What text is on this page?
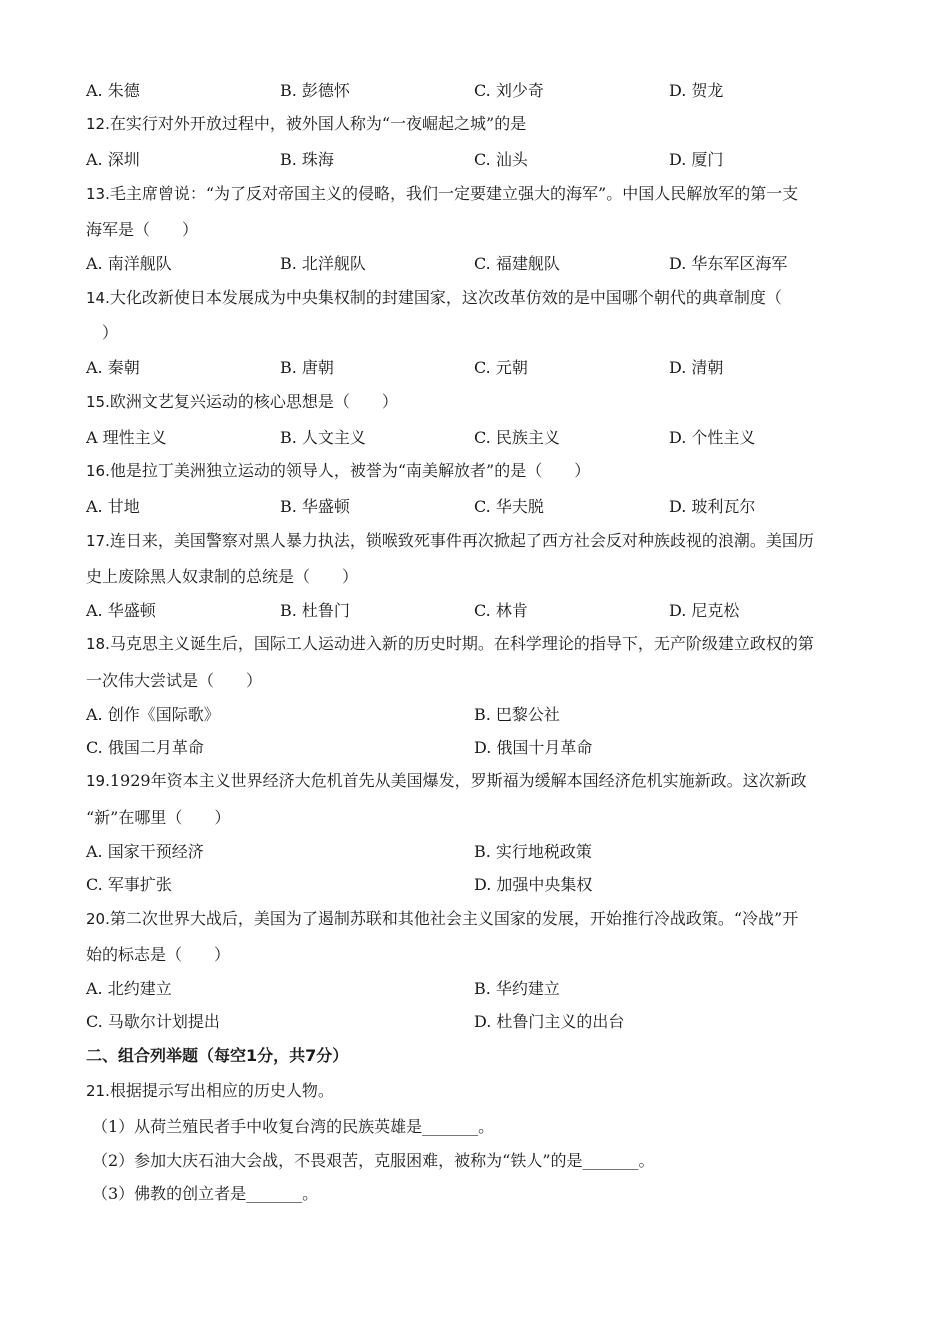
A. 朱德	B. 彭德怀	C. 刘少奇	D. 贺龙
12.在实行对外开放过程中，被外国人称为“一夜崛起之城”的是
A. 深圳	B. 珠海	C. 汕头	D. 厦门
13.毛主席曾说：“为了反对帝国主义的侵略，我们一定要建立强大的海军”。中国人民解放军的第一支
海军是（　　）
A. 南洋舰队	B. 北洋舰队	C. 福建舰队	D. 华东军区海军
14.大化改新使日本发展成为中央集权制的封建国家，这次改革仿效的是中国哪个朝代的典章制度（
　）
A. 秦朝	B. 唐朝	C. 元朝	D. 清朝
15.欧洲文艺复兴运动的核心思想是（　　）
A 理性主义	B. 人文主义	C. 民族主义	D. 个性主义
16.他是拉丁美洲独立运动的领导人，被誉为“南美解放者”的是（　　）
A. 甘地	B. 华盛顿	C. 华夫脱	D. 玻利瓦尔
17.连日来，美国警察对黑人暴力执法，锁喉致死事件再次掀起了西方社会反对种族歧视的浪潮。美国历
史上废除黑人奴隶制的总统是（　　）
A. 华盛顿	B. 杜鲁门	C. 林肯	D. 尼克松
18.马克思主义诞生后，国际工人运动进入新的历史时期。在科学理论的指导下，无产阶级建立政权的第
一次伟大尝试是（　　）
A. 创作《国际歌》	B. 巴黎公社
C. 俄国二月革命	D. 俄国十月革命
19.1929年资本主义世界经济大危机首先从美国爆发，罗斯福为缓解本国经济危机实施新政。这次新政
“新”在哪里（　　）
A. 国家干预经济	B. 实行地税政策
C. 军事扩张	D. 加强中央集权
20.第二次世界大战后，美国为了遏制苏联和其他社会主义国家的发展，开始推行冷战政策。“冷战”开
始的标志是（　　）
A. 北约建立	B. 华约建立
C. 马歇尔计划提出	D. 杜鲁门主义的出台
二、组合列举题（每空1分，共7分）
21.根据提示写出相应的历史人物。
（1）从荷兰殖民者手中收复台湾的民族英雄是_______。
（2）参加大庆石油大会战，不畏艰苦，克服困难，被称为“铁人”的是_______。
（3）佛教的创立者是_______。
